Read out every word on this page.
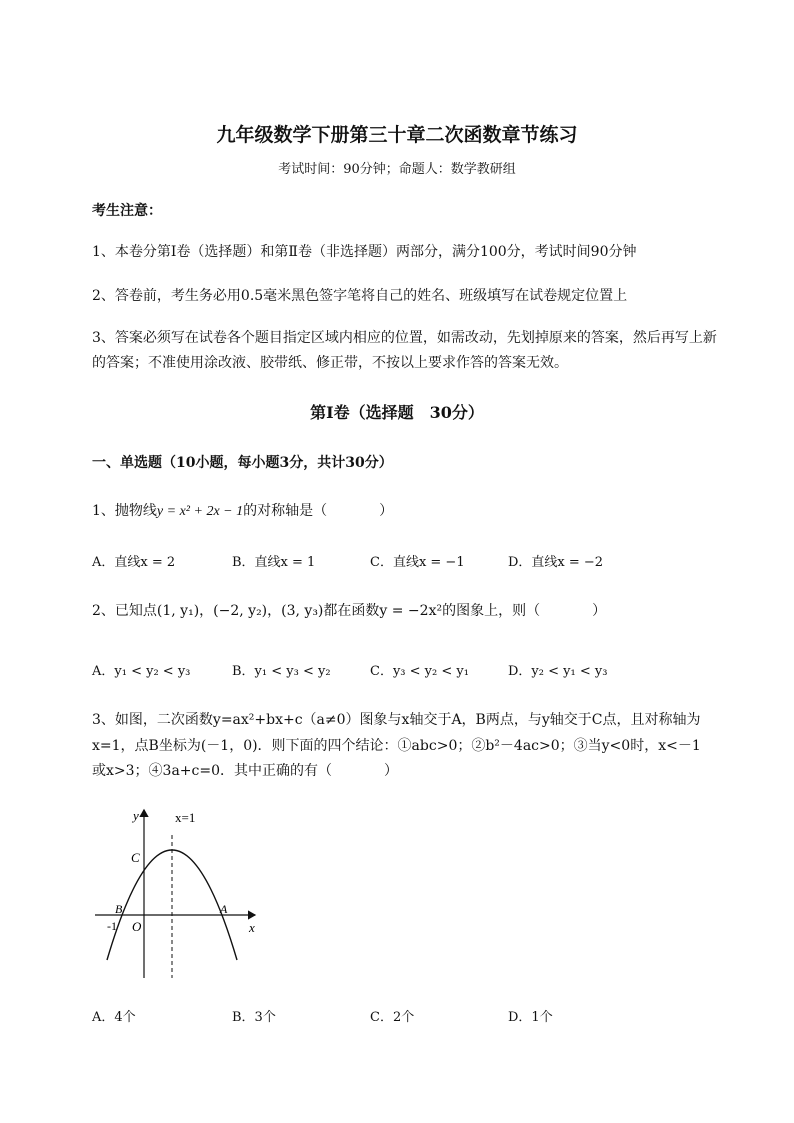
九年级数学下册第三十章二次函数章节练习
考试时间：90分钟；命题人：数学教研组
考生注意：
1、本卷分第I卷（选择题）和第Ⅱ卷（非选择题）两部分，满分100分，考试时间90分钟
2、答卷前，考生务必用0.5毫米黑色签字笔将自己的姓名、班级填写在试卷规定位置上
3、答案必须写在试卷各个题目指定区域内相应的位置，如需改动，先划掉原来的答案，然后再写上新
的答案；不准使用涂改液、胶带纸、修正带，不按以上要求作答的答案无效。
第I卷（选择题　30分）
一、单选题（10小题，每小题3分，共计30分）
1、抛物线y = x² + 2x − 1的对称轴是（	）
A．直线x = 2	B．直线x = 1	C．直线x = −1	D．直线x = −2
2、已知点(1, y₁)，(−2, y₂)，(3, y₃)都在函数y = −2x²的图象上，则（	）
A．y₁ < y₂ < y₃	B．y₁ < y₃ < y₂	C．y₃ < y₂ < y₁	D．y₂ < y₁ < y₃
3、如图，二次函数y=ax²+bx+c（a≠0）图象与x轴交于A，B两点，与y轴交于C点，且对称轴为
x=1，点B坐标为(－1，0)．则下面的四个结论：①abc>0；②b²－4ac>0；③当y<0时，x<－1
或x>3；④3a+c=0．其中正确的有（	）
y
x
x=1
C
B	A
-1 O
A．4个	B．3个	C．2个	D．1个
